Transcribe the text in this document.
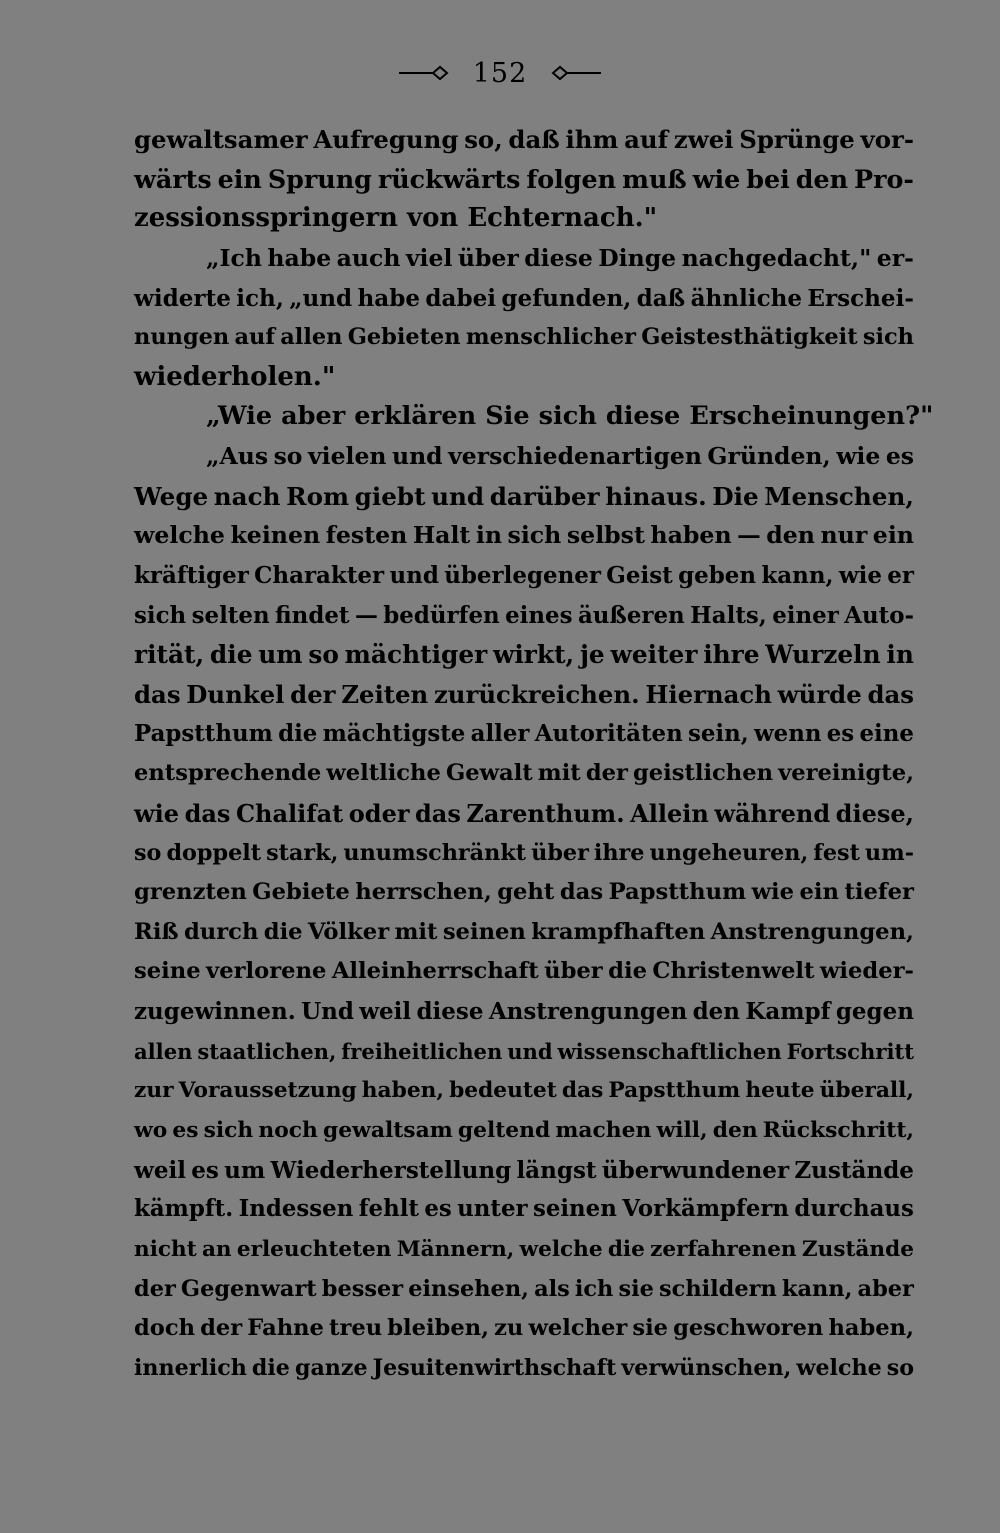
152
gewaltsamer Aufregung so, daß ihm auf zwei Sprünge vor-
wärts ein Sprung rückwärts folgen muß wie bei den Pro-
zessionsspringern von Echternach."
„Ich habe auch viel über diese Dinge nachgedacht," er-
widerte ich, „und habe dabei gefunden, daß ähnliche Erschei-
nungen auf allen Gebieten menschlicher Geistesthätigkeit sich
wiederholen."
„Wie aber erklären Sie sich diese Erscheinungen?"
„Aus so vielen und verschiedenartigen Gründen, wie es
Wege nach Rom giebt und darüber hinaus. Die Menschen,
welche keinen festen Halt in sich selbst haben — den nur ein
kräftiger Charakter und überlegener Geist geben kann, wie er
sich selten findet — bedürfen eines äußeren Halts, einer Auto-
rität, die um so mächtiger wirkt, je weiter ihre Wurzeln in
das Dunkel der Zeiten zurückreichen. Hiernach würde das
Papstthum die mächtigste aller Autoritäten sein, wenn es eine
entsprechende weltliche Gewalt mit der geistlichen vereinigte,
wie das Chalifat oder das Zarenthum. Allein während diese,
so doppelt stark, unumschränkt über ihre ungeheuren, fest um-
grenzten Gebiete herrschen, geht das Papstthum wie ein tiefer
Riß durch die Völker mit seinen krampfhaften Anstrengungen,
seine verlorene Alleinherrschaft über die Christenwelt wieder-
zugewinnen. Und weil diese Anstrengungen den Kampf gegen
allen staatlichen, freiheitlichen und wissenschaftlichen Fortschritt
zur Voraussetzung haben, bedeutet das Papstthum heute überall,
wo es sich noch gewaltsam geltend machen will, den Rückschritt,
weil es um Wiederherstellung längst überwundener Zustände
kämpft. Indessen fehlt es unter seinen Vorkämpfern durchaus
nicht an erleuchteten Männern, welche die zerfahrenen Zustände
der Gegenwart besser einsehen, als ich sie schildern kann, aber
doch der Fahne treu bleiben, zu welcher sie geschworen haben,
innerlich die ganze Jesuitenwirthschaft verwünschen, welche so
